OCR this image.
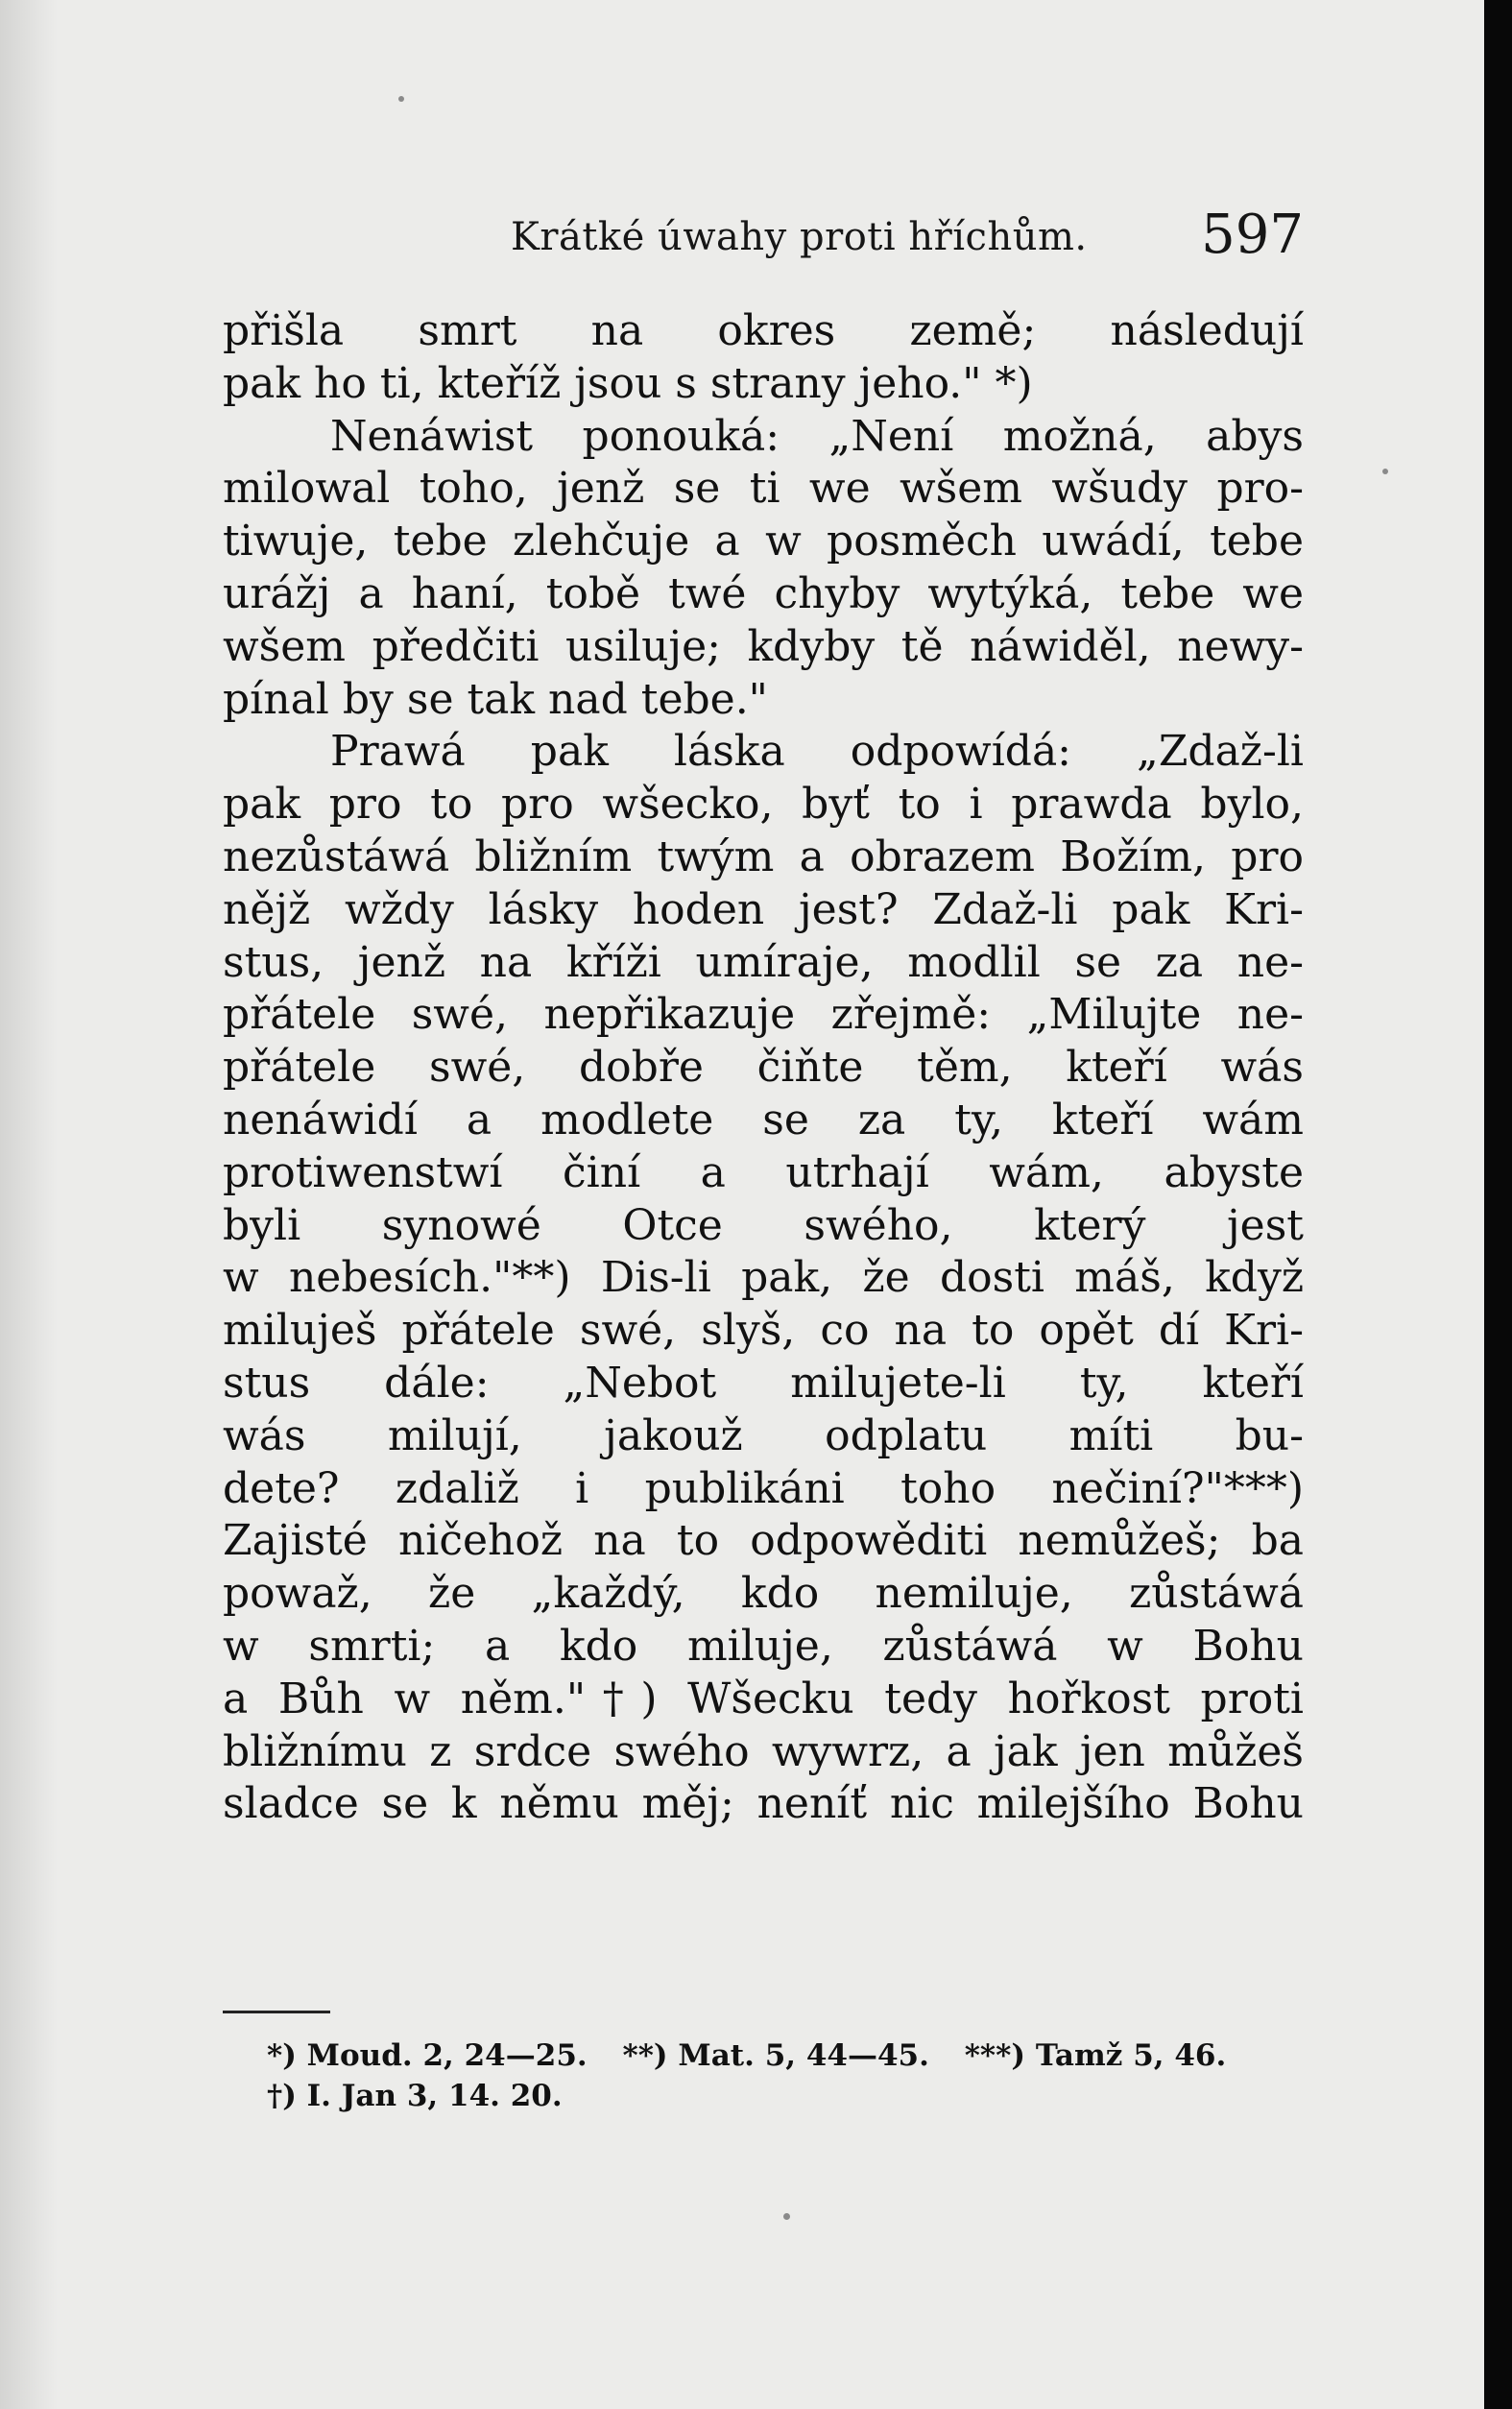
Krátké úwahy proti hříchům. 597
přišla smrt na okres země; následují
pak ho ti, kteříž jsou s strany jeho." *)
Nenáwist ponouká: „Není možná, abys
milowal toho, jenž se ti we wšem wšudy pro-
tiwuje, tebe zlehčuje a w posměch uwádí, tebe
urážj a haní, tobě twé chyby wytýká, tebe we
wšem předčiti usiluje; kdyby tě náwiděl, newy-
pínal by se tak nad tebe."
Prawá pak láska odpowídá: „Zdaž-li
pak pro to pro wšecko, byť to i prawda bylo,
nezůstáwá bližním twým a obrazem Božím, pro
nějž wždy lásky hoden jest? Zdaž-li pak Kri-
stus, jenž na kříži umíraje, modlil se za ne-
přátele swé, nepřikazuje zřejmě: „Milujte ne-
přátele swé, dobře čiňte těm, kteří wás
nenáwidí a modlete se za ty, kteří wám
protiwenstwí činí a utrhají wám, abyste
byli synowé Otce swého, který jest
w nebesích."**) Dis-li pak, že dosti máš, když
miluješ přátele swé, slyš, co na to opět dí Kri-
stus dále: „Nebot milujete-li ty, kteří
wás milují, jakouž odplatu míti bu-
dete? zdaliž i publikáni toho nečiní?"***)
Zajisté ničehož na to odpowěditi nemůžeš; ba
powaž, že „každý, kdo nemiluje, zůstáwá
w smrti; a kdo miluje, zůstáwá w Bohu
a Bůh w něm."†) Wšecku tedy hořkost proti
bližnímu z srdce swého wywrz, a jak jen můžeš
sladce se k němu měj; neníť nic milejšího Bohu
*) Moud. 2, 24—25. **) Mat. 5, 44—45. ***) Tamž 5, 46.
†) I. Jan 3, 14. 20.
